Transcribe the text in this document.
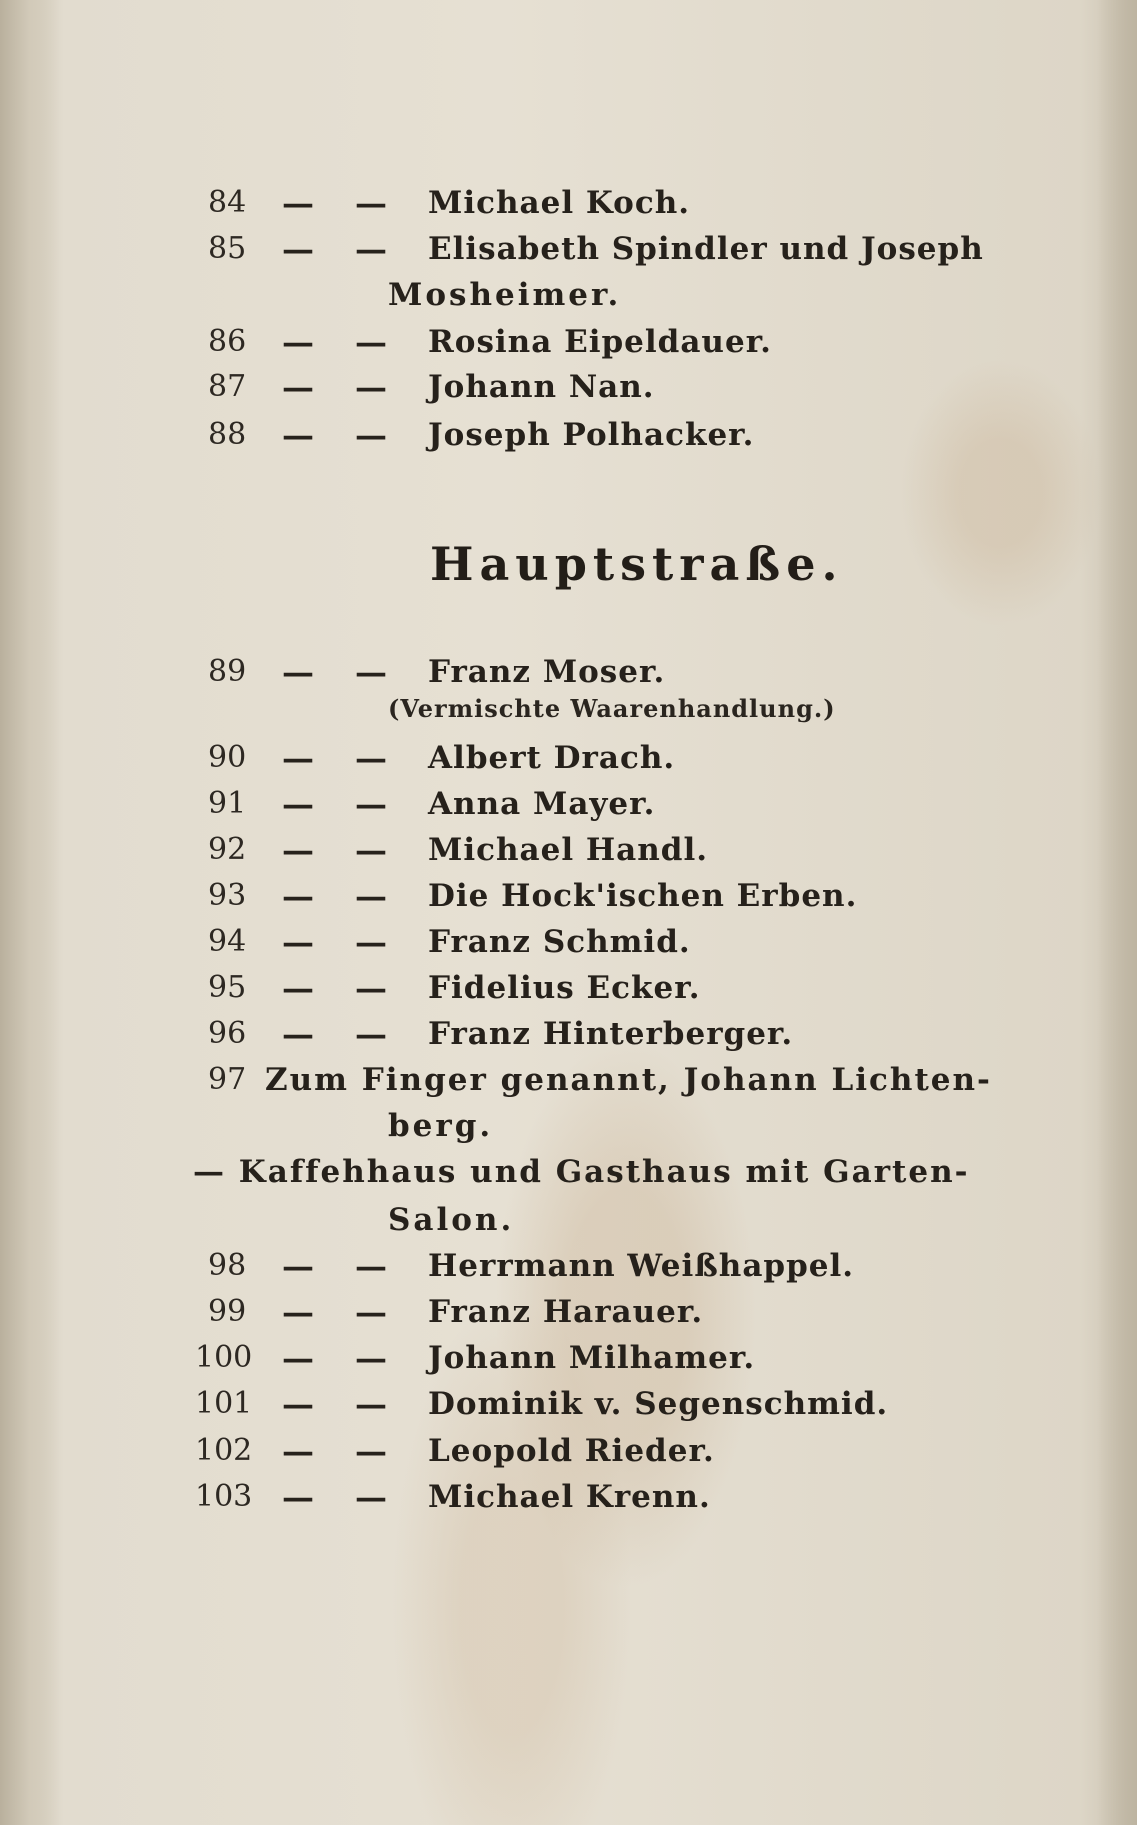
84	— — Michael Koch.
85	— — Elisabeth Spindler und Joseph
Mosheimer.
86	— — Rosina Eipeldauer.
87	— — Johann Nan.
88	— — Joseph Polhacker.
Hauptstraße.
89	— — Franz Moser.
(Vermischte Waarenhandlung.)
90	— — Albert Drach.
91	— — Anna Mayer.
92	— — Michael Handl.
93	— — Die Hock'ischen Erben.
94	— — Franz Schmid.
95	— — Fidelius Ecker.
96	— — Franz Hinterberger.
97 Zum Finger genannt, Johann Lichten-
berg.
— Kaffehhaus und Gasthaus mit Garten-
Salon.
98	— — Herrmann Weißhappel.
99	— — Franz Harauer.
100 — — Johann Milhamer.
101 — — Dominik v. Segenschmid.
102 — — Leopold Rieder.
103 — — Michael Krenn.
